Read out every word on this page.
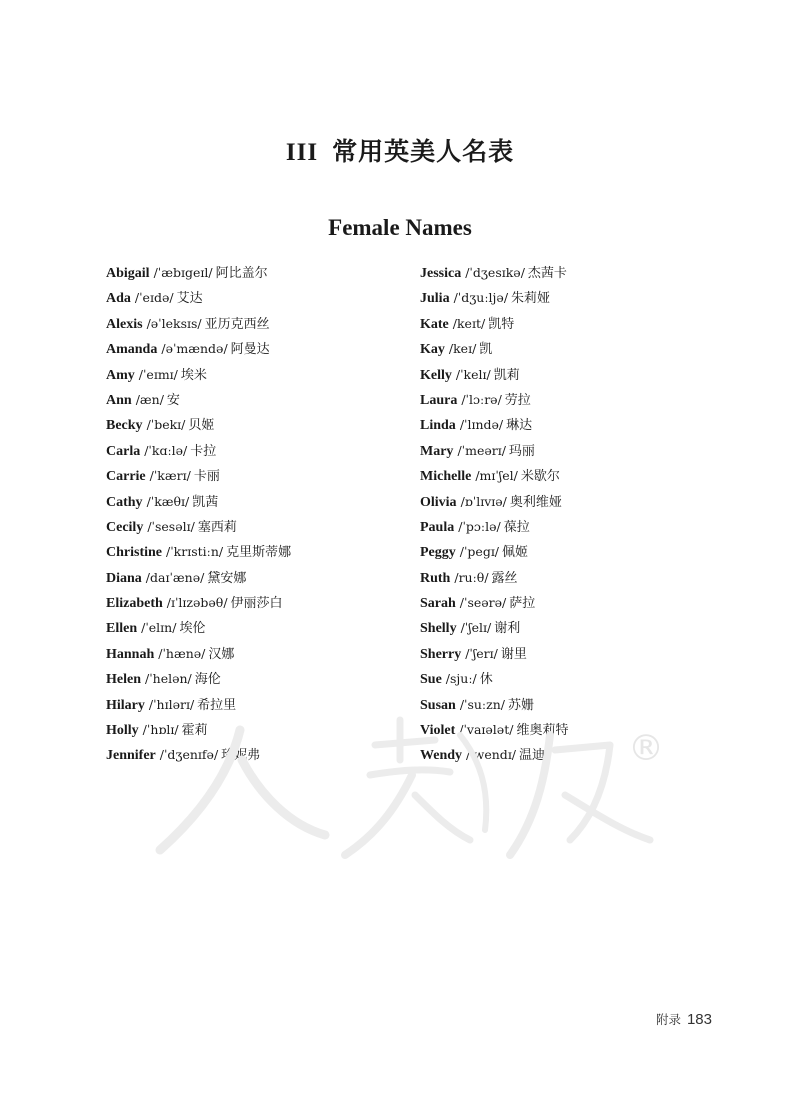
III 常用英美人名表
Female Names
Abigail /ˈæbɪgeɪl/ 阿比盖尔
Ada /ˈeɪdə/ 艾达
Alexis /əˈleksɪs/ 亚历克西丝
Amanda /əˈmændə/ 阿曼达
Amy /ˈeɪmɪ/ 埃米
Ann /æn/ 安
Becky /ˈbekɪ/ 贝姬
Carla /ˈkɑːlə/ 卡拉
Carrie /ˈkærɪ/ 卡丽
Cathy /ˈkæθɪ/ 凯茜
Cecily /ˈsesəlɪ/ 塞西莉
Christine /ˈkrɪstiːn/ 克里斯蒂娜
Diana /daɪˈænə/ 黛安娜
Elizabeth /ɪˈlɪzəbəθ/ 伊丽莎白
Ellen /ˈelɪn/ 埃伦
Hannah /ˈhænə/ 汉娜
Helen /ˈhelən/ 海伦
Hilary /ˈhɪlərɪ/ 希拉里
Holly /ˈhɒlɪ/ 霍莉
Jennifer /ˈdʒenɪfə/ 珍妮弗
Jessica /ˈdʒesɪkə/ 杰茜卡
Julia /ˈdʒuːljə/ 朱莉娅
Kate /keɪt/ 凯特
Kay /keɪ/ 凯
Kelly /ˈkelɪ/ 凯莉
Laura /ˈlɔːrə/ 劳拉
Linda /ˈlɪndə/ 琳达
Mary /ˈmeərɪ/ 玛丽
Michelle /mɪˈʃel/ 米歇尔
Olivia /ɒˈlɪvɪə/ 奥利维娅
Paula /ˈpɔːlə/ 葆拉
Peggy /ˈpegɪ/ 佩姬
Ruth /ruːθ/ 露丝
Sarah /ˈseərə/ 萨拉
Shelly /ˈʃelɪ/ 谢利
Sherry /ˈʃerɪ/ 谢里
Sue /sjuː/ 休
Susan /ˈsuːzn/ 苏姗
Violet /ˈvaɪələt/ 维奥莉特
Wendy /ˈwendɪ/ 温迪	®
附录 183
